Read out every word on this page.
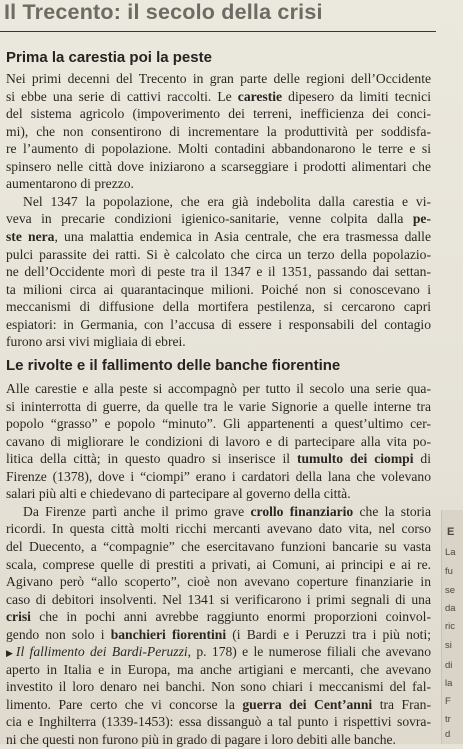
Il Trecento: il secolo della crisi
Prima la carestia poi la peste

Nei primi decenni del Trecento in gran parte delle regioni dell’Occidente

si ebbe una serie di cattivi raccolti. Le carestie dipesero da limiti tecnici

del sistema agricolo (impoverimento dei terreni, inefficienza dei conci-

mi), che non consentirono di incrementare la produttività per soddisfa-

re l’aumento di popolazione. Molti contadini abbandonarono le terre e si

spinsero nelle città dove iniziarono a scarseggiare i prodotti alimentari che

aumentarono di prezzo.

Nel 1347 la popolazione, che era già indebolita dalla carestia e vi-

veva in precarie condizioni igienico-sanitarie, venne colpita dalla pe-

ste nera, una malattia endemica in Asia centrale, che era trasmessa dalle

pulci parassite dei ratti. Si è calcolato che circa un terzo della popolazio-

ne dell’Occidente morì di peste tra il 1347 e il 1351, passando dai settan-

ta milioni circa ai quarantacinque milioni. Poiché non si conoscevano i

meccanismi di diffusione della mortifera pestilenza, si cercarono capri

espiatori: in Germania, con l’accusa di essere i responsabili del contagio

furono arsi vivi migliaia di ebrei.

Le rivolte e il fallimento delle banche fiorentine

Alle carestie e alla peste si accompagnò per tutto il secolo una serie qua-

si ininterrotta di guerre, da quelle tra le varie Signorie a quelle interne tra

popolo “grasso” e popolo “minuto”. Gli appartenenti a quest’ultimo cer-

cavano di migliorare le condizioni di lavoro e di partecipare alla vita po-

litica della città; in questo quadro si inserisce il tumulto dei ciompi di

Firenze (1378), dove i “ciompi” erano i cardatori della lana che volevano

salari più alti e chiedevano di partecipare al governo della città.

Da Firenze partì anche il primo grave crollo finanziario che la storia

ricordi. In questa città molti ricchi mercanti avevano dato vita, nel corso

del Duecento, a “compagnie” che esercitavano funzioni bancarie su vasta

scala, comprese quelle di prestiti a privati, ai Comuni, ai principi e ai re.

Agivano però “allo scoperto”, cioè non avevano coperture finanziarie in

caso di debitori insolventi. Nel 1341 si verificarono i primi segnali di una

crisi che in pochi anni avrebbe raggiunto enormi proporzioni coinvol-

gendo non solo i banchieri fiorentini (i Bardi e i Peruzzi tra i più noti;

▶ Il fallimento dei Bardi-Peruzzi, p. 178) e le numerose filiali che avevano

aperto in Italia e in Europa, ma anche artigiani e mercanti, che avevano

investito il loro denaro nei banchi. Non sono chiari i meccanismi del fal-

limento. Pare certo che vi concorse la guerra dei Cent’anni tra Fran-

cia e Inghilterra (1339-1453): essa dissanguò a tal punto i rispettivi sovra-

ni che questi non furono più in grado di pagare i loro debiti alle banche.

E

La

fu

se

da

ric

si

di

la

F

tr

d
